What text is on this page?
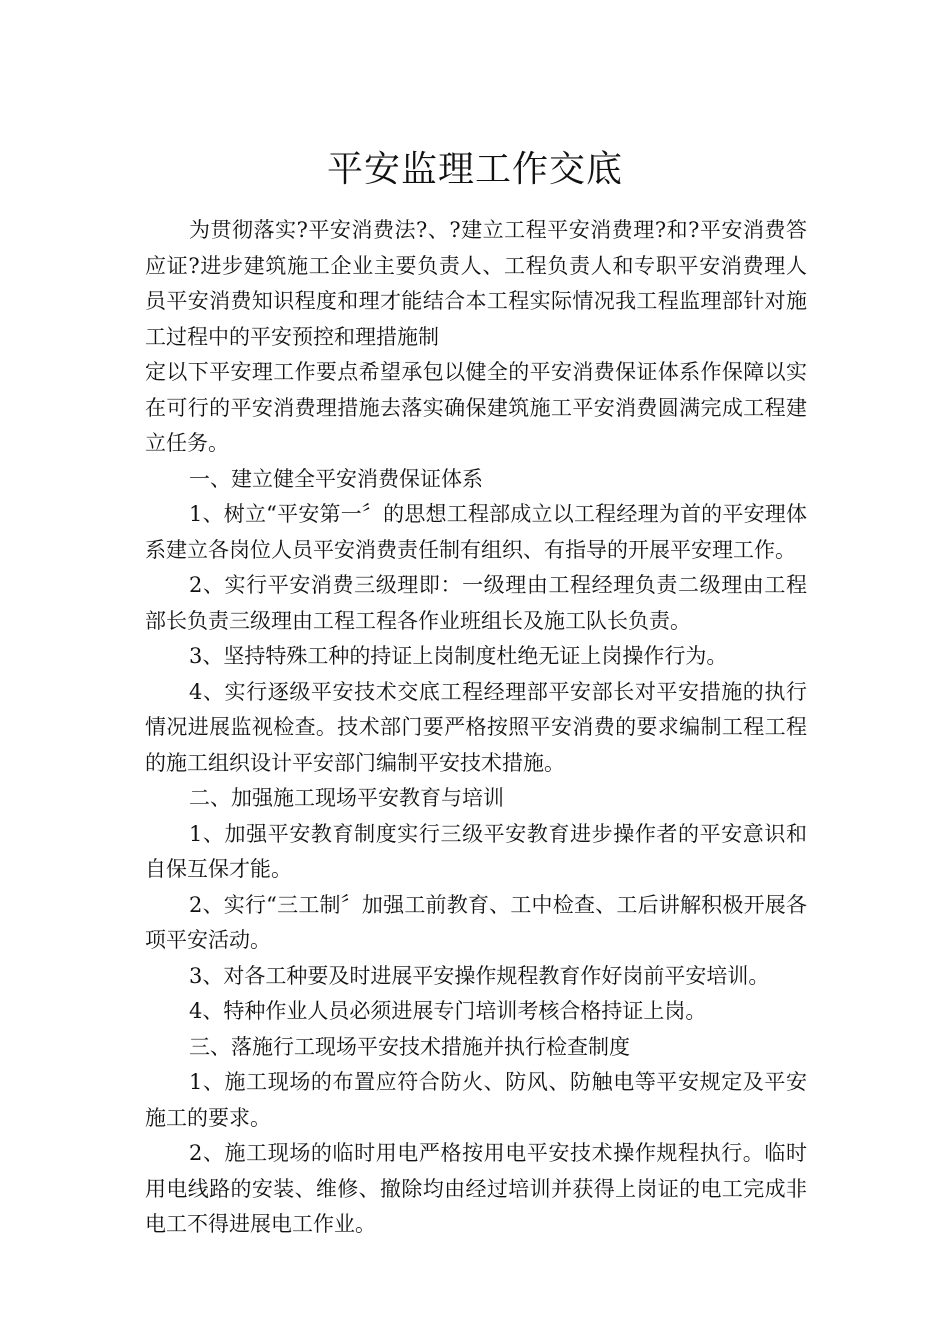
平安监理工作交底

为贯彻落实?平安消费法?、?建立工程平安消费理?和?平安消费答应证?进步建筑施工企业主要负责人、工程负责人和专职平安消费理人员平安消费知识程度和理才能结合本工程实际情况我工程监理部针对施工过程中的平安预控和理措施制

定以下平安理工作要点希望承包以健全的平安消费保证体系作保障以实在可行的平安消费理措施去落实确保建筑施工平安消费圆满完成工程建立任务。

一、建立健全平安消费保证体系

1、树立“平安第一〞的思想工程部成立以工程经理为首的平安理体系建立各岗位人员平安消费责任制有组织、有指导的开展平安理工作。

2、实行平安消费三级理即：一级理由工程经理负责二级理由工程部长负责三级理由工程工程各作业班组长及施工队长负责。

3、坚持特殊工种的持证上岗制度杜绝无证上岗操作行为。

4、实行逐级平安技术交底工程经理部平安部长对平安措施的执行情况进展监视检查。技术部门要严格按照平安消费的要求编制工程工程的施工组织设计平安部门编制平安技术措施。

二、加强施工现场平安教育与培训

1、加强平安教育制度实行三级平安教育进步操作者的平安意识和自保互保才能。

2、实行“三工制〞加强工前教育、工中检查、工后讲解积极开展各项平安活动。

3、对各工种要及时进展平安操作规程教育作好岗前平安培训。

4、特种作业人员必须进展专门培训考核合格持证上岗。

三、落施行工现场平安技术措施并执行检查制度

1、施工现场的布置应符合防火、防风、防触电等平安规定及平安施工的要求。

2、施工现场的临时用电严格按用电平安技术操作规程执行。临时用电线路的安装、维修、撤除均由经过培训并获得上岗证的电工完成非电工不得进展电工作业。
